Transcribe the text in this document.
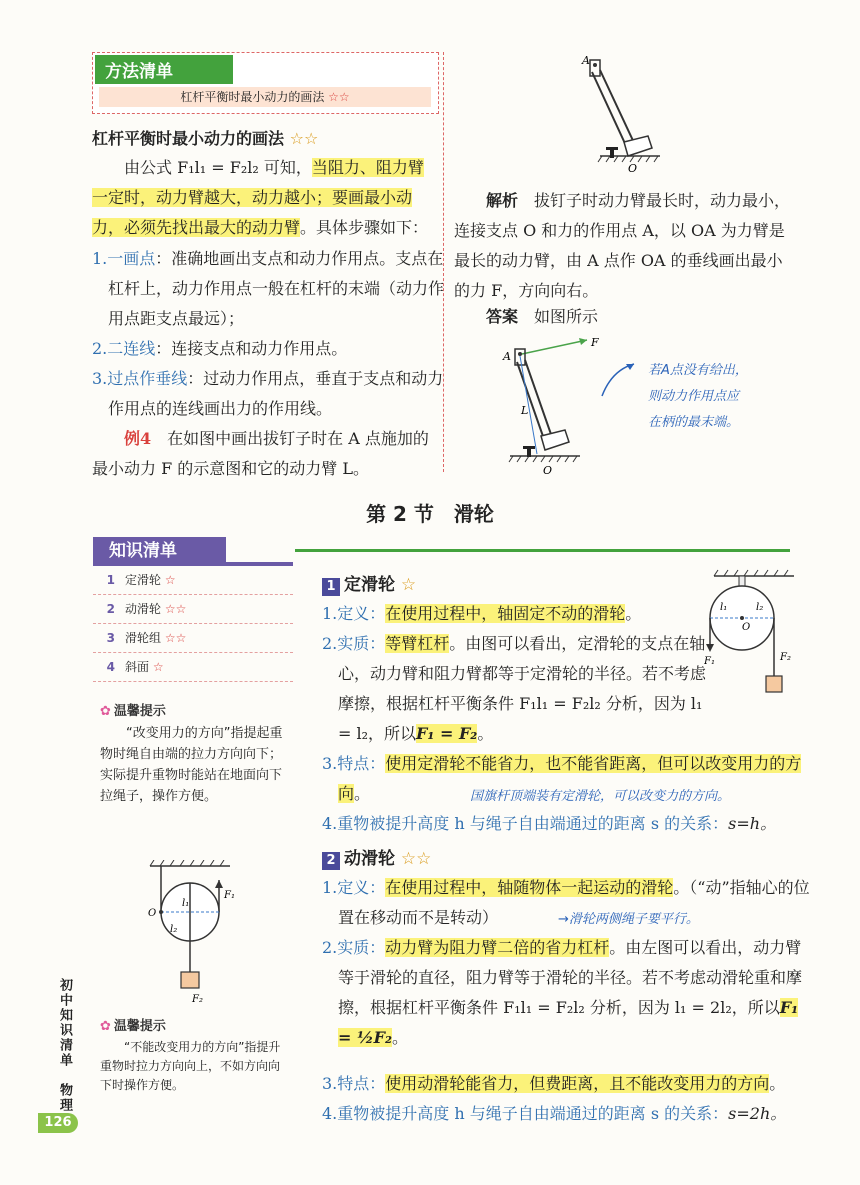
方法清单
杠杆平衡时最小动力的画法 ☆☆
杠杆平衡时最小动力的画法 ☆☆
由公式 F₁l₁ = F₂l₂ 可知，当阻力、阻力臂一定时，动力臂越大，动力越小；要画最小动力，必须先找出最大的动力臂。具体步骤如下：
1.一画点：准确地画出支点和动力作用点。支点在杠杆上，动力作用点一般在杠杆的末端（动力作用点距支点最远）；
2.二连线：连接支点和动力作用点。
3.过点作垂线：过动力作用点，垂直于支点和动力作用点的连线画出力的作用线。
例4　 在如图中画出拔钉子时在 A 点施加的最小动力 F 的示意图和它的动力臂 L。
A
O
解析　 拔钉子时动力臂最长时，动力最小，连接支点 O 和力的作用点 A，以 OA 为力臂是最长的动力臂，由 A 点作 OA 的垂线画出最小的力 F，方向向右。
答案　 如图所示
A
F
L
O
若A点没有给出，
则动力作用点应
在柄的最末端。
第 2 节　滑轮
知识清单
1 定滑轮 ☆
2 动滑轮 ☆☆
3 滑轮组 ☆☆
4 斜面 ☆
✿ 温馨提示
“改变用力的方向”指提起重物时绳自由端的拉力方向向下；实际提升重物时能站在地面向下拉绳子，操作方便。
O
l₁
l₂
F₁
F₂
✿ 温馨提示
“不能改变用力的方向”指提升重物时拉力方向向上，不如方向向下时操作方便。
初中知识清单　物理
126
1 定滑轮 ☆
1.定义：在使用过程中，轴固定不动的滑轮。
2.实质：等臂杠杆。由图可以看出，定滑轮的支点在轴心，动力臂和阻力臂都等于定滑轮的半径。若不考虑摩擦，根据杠杆平衡条件 F₁l₁ = F₂l₂ 分析，因为 l₁ = l₂，所以F₁ = F₂。
O
l₁	l₂
F₁	F₂
3.特点：使用定滑轮不能省力，也不能省距离，但可以改变用力的方向。	国旗杆顶端装有定滑轮，可以改变力的方向。
4.重物被提升高度 h 与绳子自由端通过的距离 s 的关系：s=h。
2 动滑轮 ☆☆
1.定义：在使用过程中，轴随物体一起运动的滑轮。（“动”指轴心的位置在移动而不是转动）	→滑轮两侧绳子要平行。
2.实质：动力臂为阻力臂二倍的省力杠杆。由左图可以看出，动力臂等于滑轮的直径，阻力臂等于滑轮的半径。若不考虑动滑轮重和摩擦，根据杠杆平衡条件 F₁l₁ = F₂l₂ 分析，因为 l₁ = 2l₂，所以F₁ = ½F₂。
3.特点：使用动滑轮能省力，但费距离，且不能改变用力的方向。
4.重物被提升高度 h 与绳子自由端通过的距离 s 的关系：s=2h。
